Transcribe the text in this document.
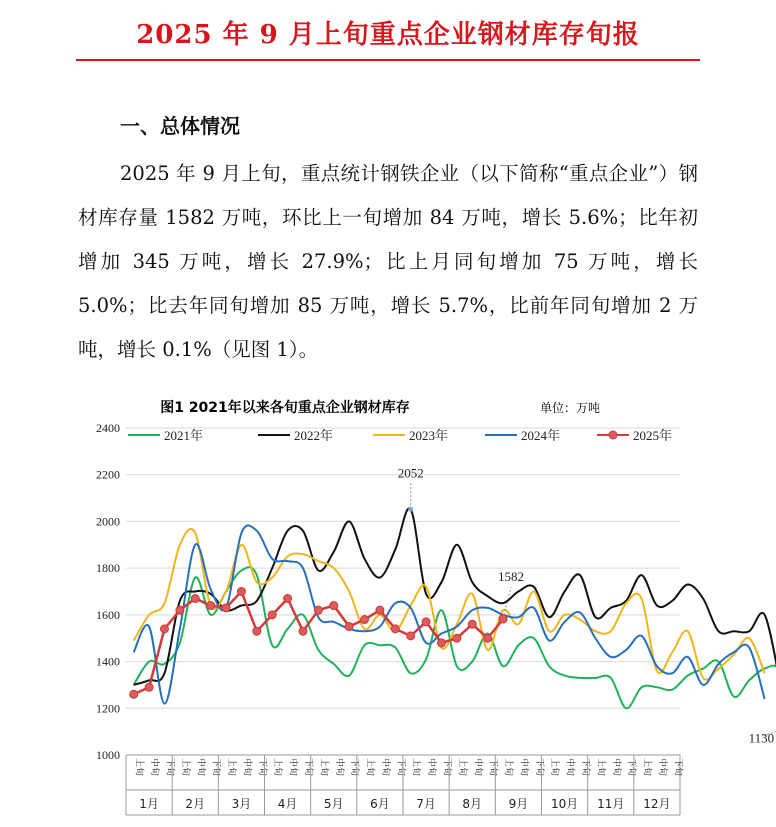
2025 年 9 月上旬重点企业钢材库存旬报
一、总体情况
2025 年 9 月上旬，重点统计钢铁企业（以下简称“重点企业”）钢材库存量 1582 万吨，环比上一旬增加 84 万吨，增长 5.6%；比年初增加 345 万吨，增长 27.9%；比上月同旬增加 75 万吨，增长 5.0%；比去年同旬增加 85 万吨，增长 5.7%，比前年同旬增加 2 万吨，增长 0.1%（见图 1）。
图1 2021年以来各旬重点企业钢材库存	单位：万吨
1000
1200
1400
1600
1800
2000
2200
2400
上旬 中旬 下旬
1月
上旬 中旬 下旬
2月
上旬 中旬 下旬
3月
上旬 中旬 下旬
4月
上旬 中旬 下旬
5月
上旬 中旬 下旬
6月
上旬 中旬 下旬
7月
上旬 中旬 下旬
8月
上旬 中旬 下旬
9月
上旬 中旬 下旬
10月
上旬 中旬 下旬
11月
上旬 中旬 下旬
12月
2021年	2022年	2023年	2024年	2025年
2052
1582
1130
